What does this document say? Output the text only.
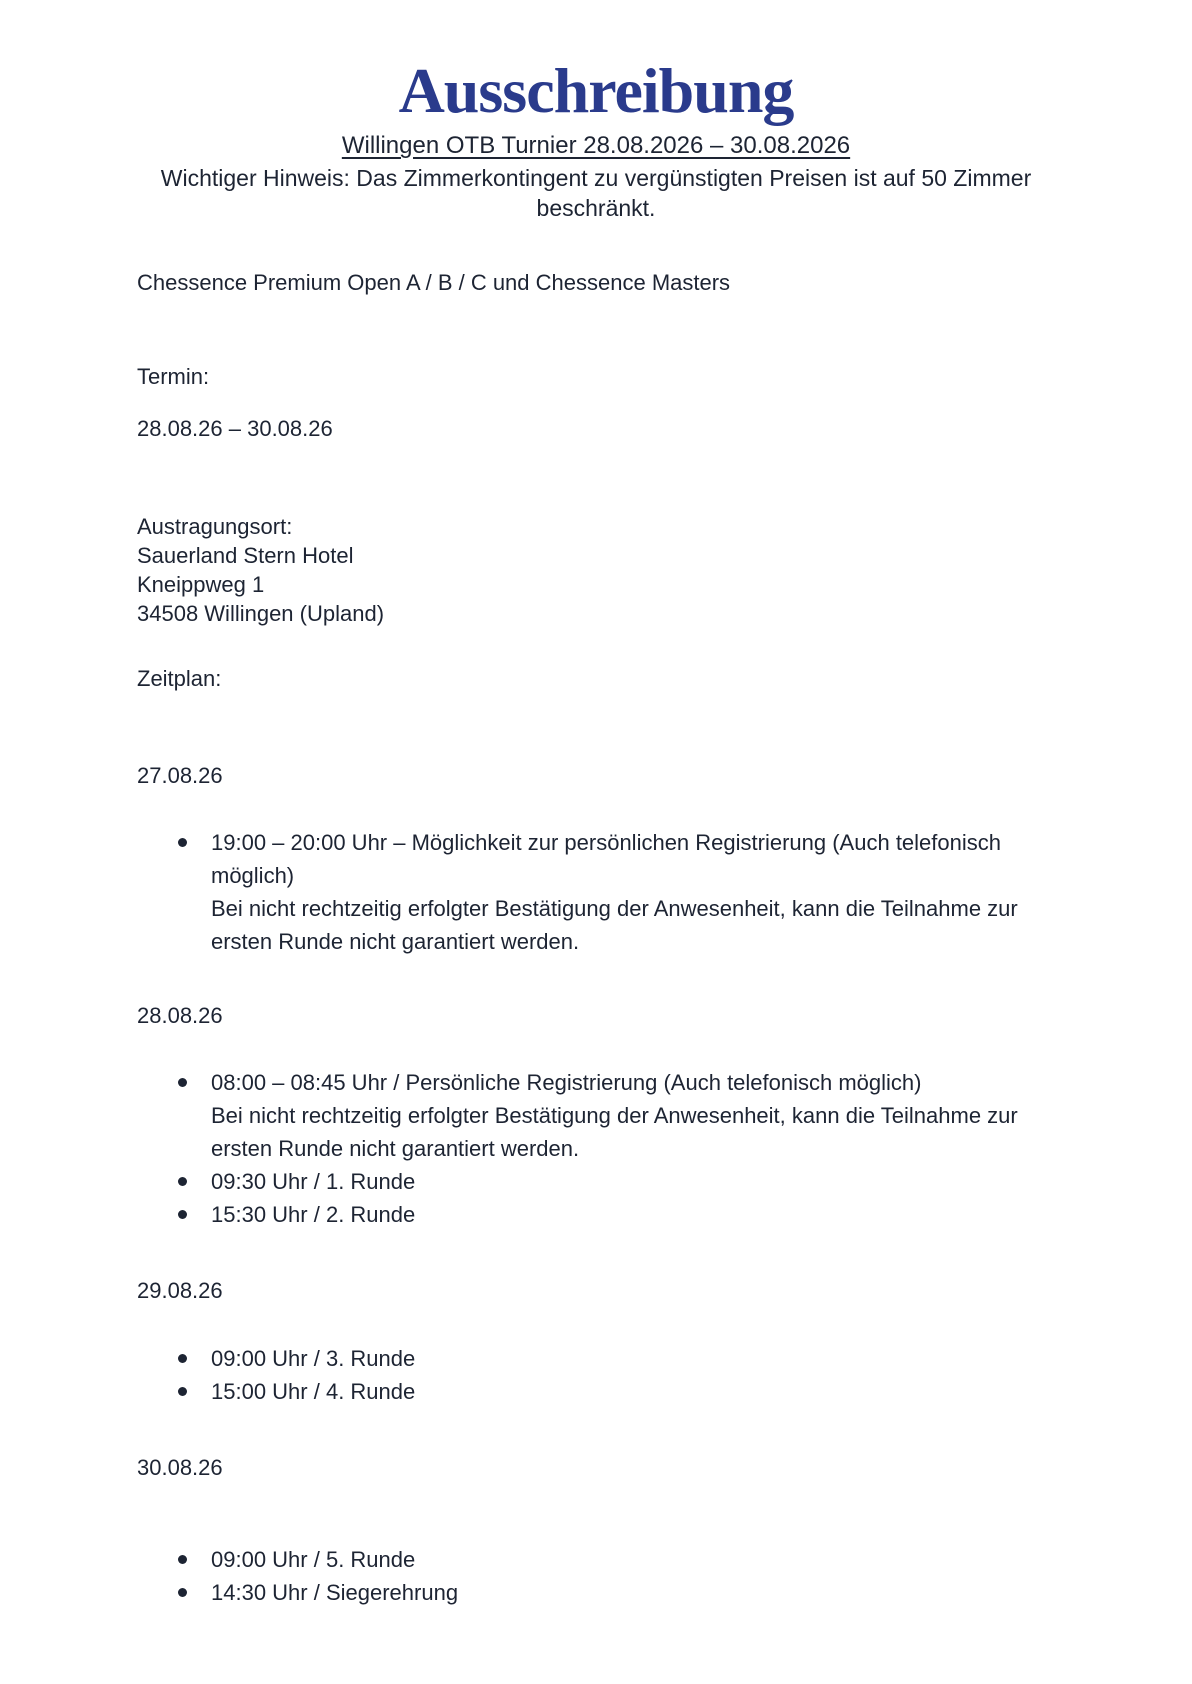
Ausschreibung
Willingen OTB Turnier 28.08.2026 – 30.08.2026
Wichtiger Hinweis: Das Zimmerkontingent zu vergünstigten Preisen ist auf 50 Zimmer beschränkt.
Chessence Premium Open A / B / C und Chessence Masters
Termin:
28.08.26 – 30.08.26
Austragungsort:
Sauerland Stern Hotel
Kneippweg 1
34508 Willingen (Upland)
Zeitplan:
27.08.26
19:00 – 20:00 Uhr – Möglichkeit zur persönlichen Registrierung (Auch telefonisch möglich)
Bei nicht rechtzeitig erfolgter Bestätigung der Anwesenheit, kann die Teilnahme zur ersten Runde nicht garantiert werden.
28.08.26
08:00 – 08:45 Uhr / Persönliche Registrierung (Auch telefonisch möglich)
Bei nicht rechtzeitig erfolgter Bestätigung der Anwesenheit, kann die Teilnahme zur ersten Runde nicht garantiert werden.
09:30 Uhr / 1. Runde
15:30 Uhr / 2. Runde
29.08.26
09:00 Uhr / 3. Runde
15:00 Uhr / 4. Runde
30.08.26
09:00 Uhr / 5. Runde
14:30 Uhr / Siegerehrung
